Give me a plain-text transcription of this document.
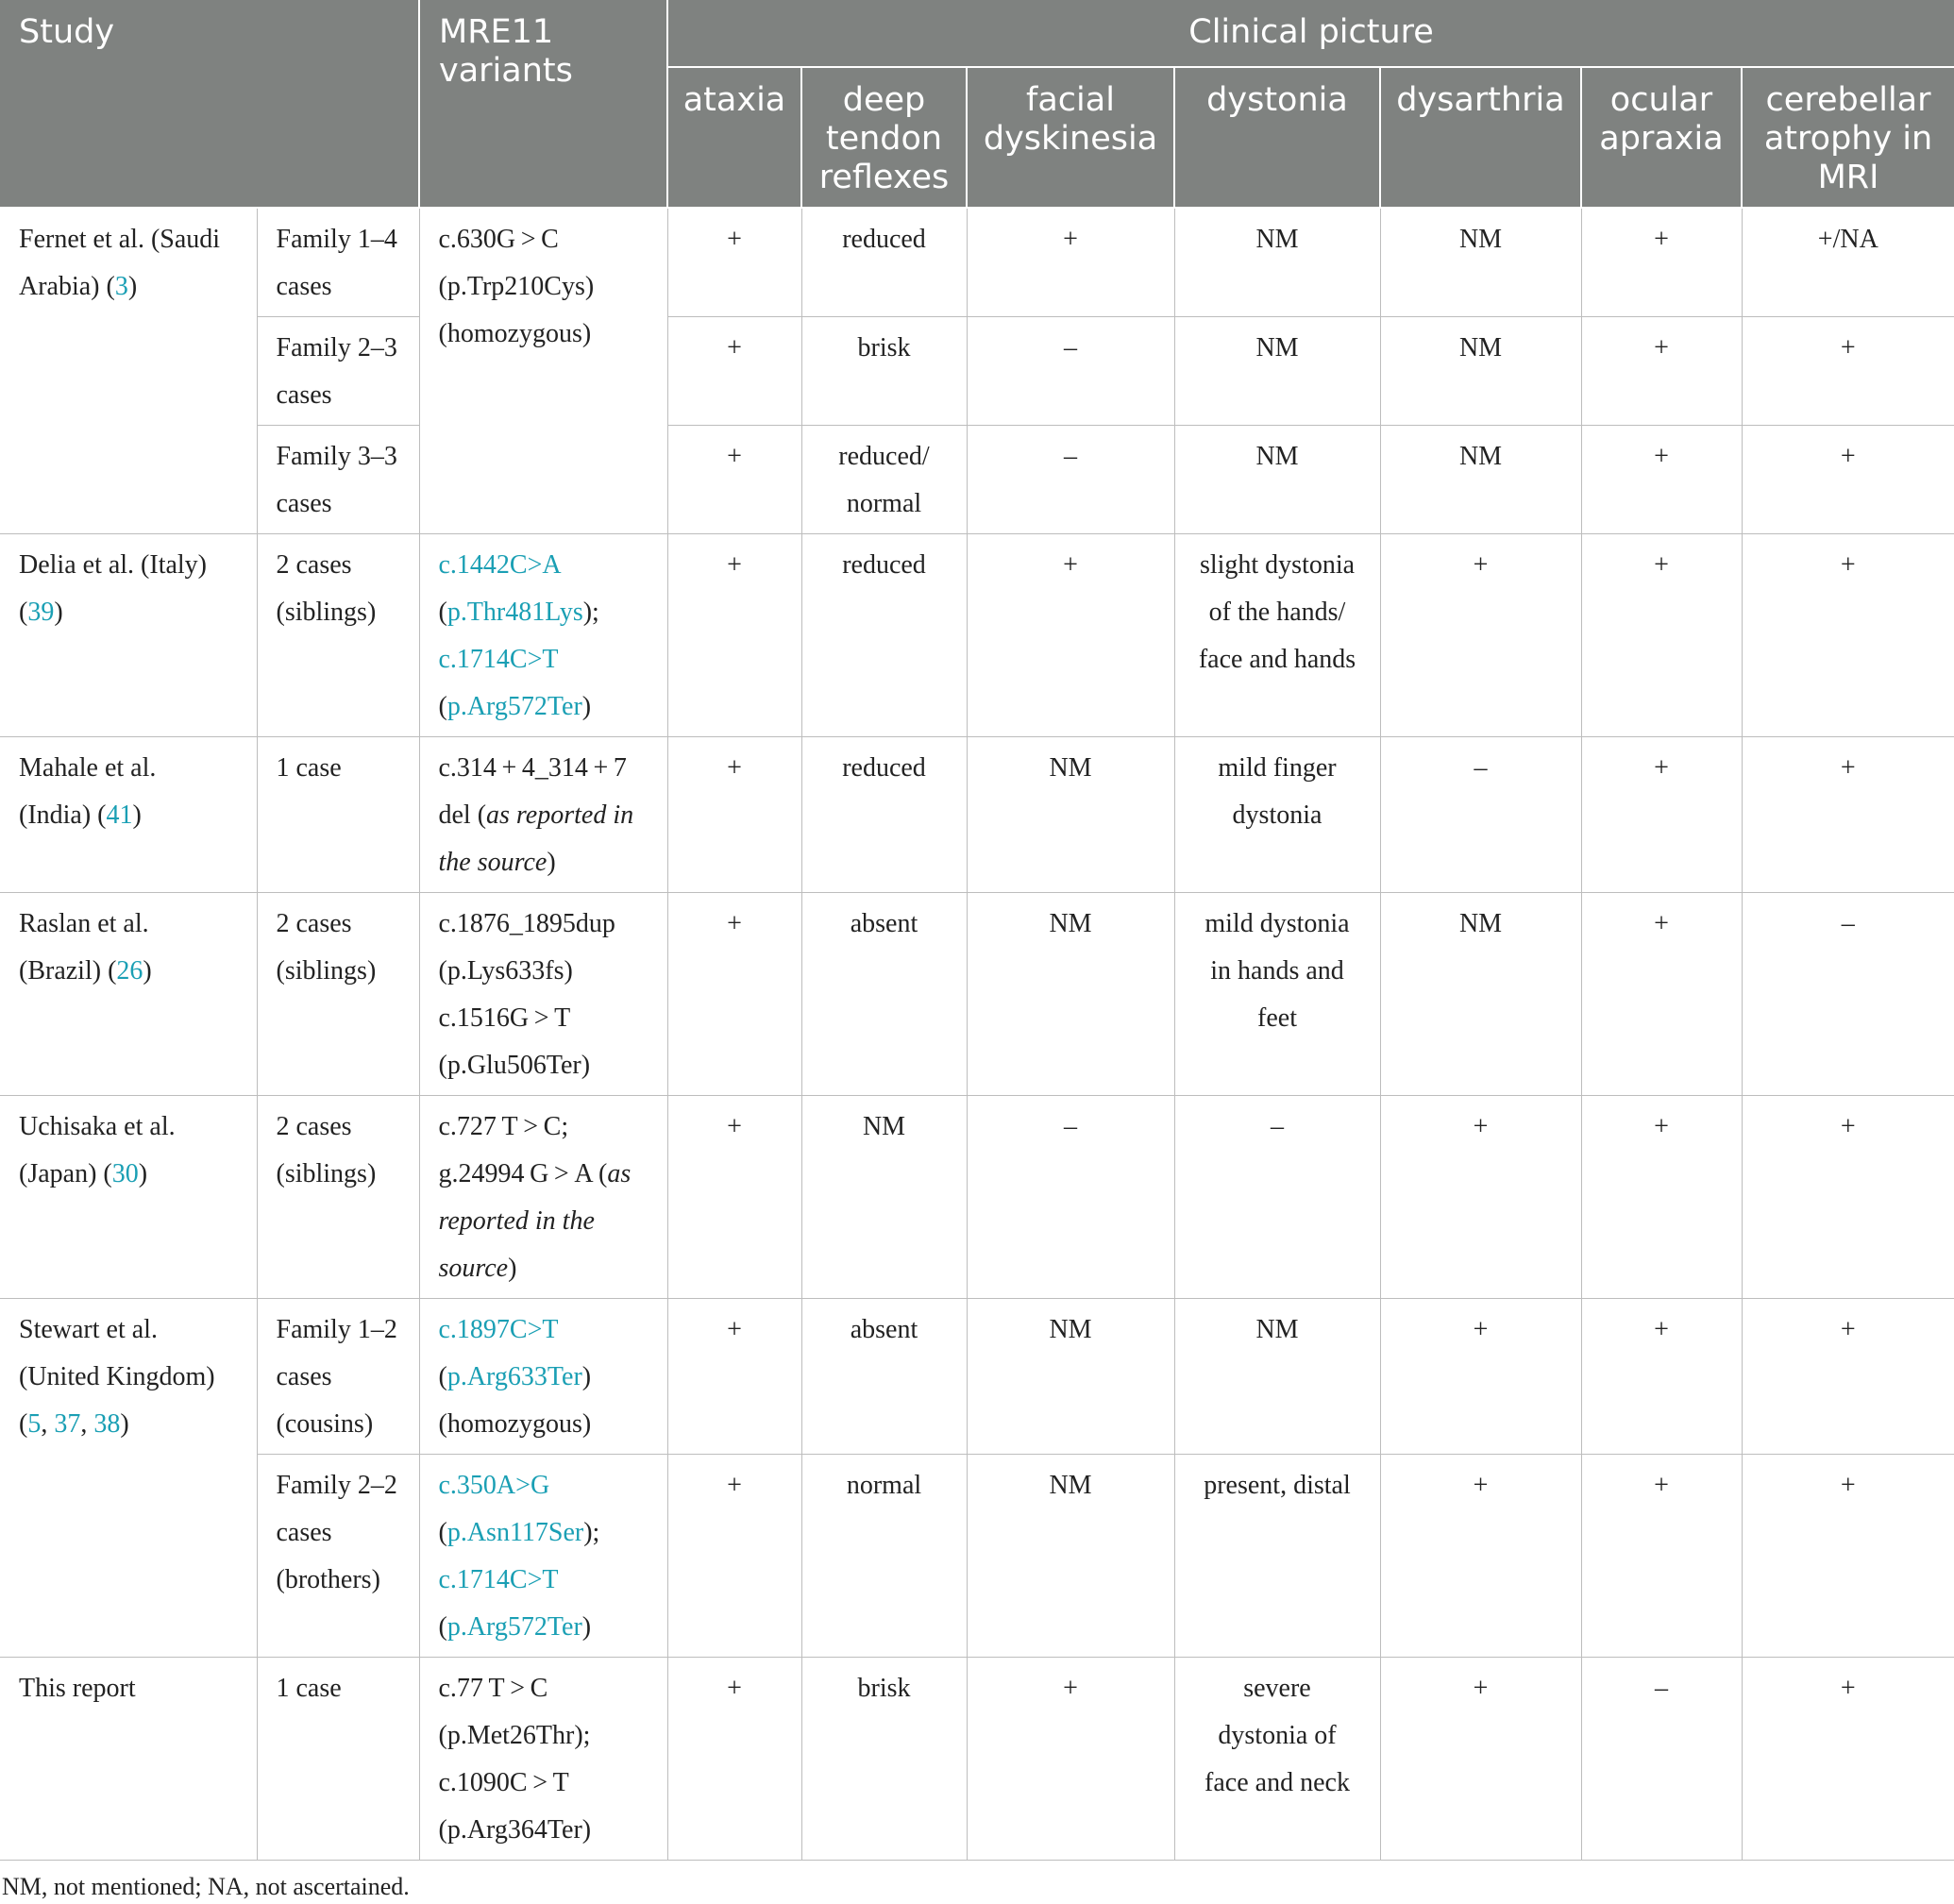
Study		MRE11
variants	Clinical picture						
			ataxia	deep
tendon
reflexes	facial
dyskinesia	dystonia	dysarthria	ocular
apraxia	cerebellar
atrophy in
MRI
Fernet et al. (Saudi Arabia) (3)	Family 1–4
cases	c.630G > C
(p.Trp210Cys)
(homozygous)	+	reduced	+	NM	NM	+	+/NA
	Family 2–3
cases		+	brisk	–	NM	NM	+	+
	Family 3–3
cases		+	reduced/
normal	–	NM	NM	+	+
Delia et al. (Italy)
(39)	2 cases
(siblings)	c.1442C>A
(p.Thr481Lys);
c.1714C>T
(p.Arg572Ter)	+	reduced	+	slight dystonia
of the hands/
face and hands	+	+	+
Mahale et al.
(India) (41)	1 case	c.314 + 4_314 + 7
del (as reported in
the source)	+	reduced	NM	mild finger
dystonia	–	+	+
Raslan et al.
(Brazil) (26)	2 cases
(siblings)	c.1876_1895dup
(p.Lys633fs)
c.1516G > T
(p.Glu506Ter)	+	absent	NM	mild dystonia
in hands and
feet	NM	+	–
Uchisaka et al.
(Japan) (30)	2 cases
(siblings)	c.727 T > C;
g.24994 G > A (as
reported in the
source)	+	NM	–	–	+	+	+
Stewart et al.
(United Kingdom)
(5, 37, 38)	Family 1–2
cases
(cousins)	c.1897C>T
(p.Arg633Ter)
(homozygous)	+	absent	NM	NM	+	+	+
	Family 2–2
cases
(brothers)	c.350A>G
(p.Asn117Ser);
c.1714C>T
(p.Arg572Ter)	+	normal	NM	present, distal	+	+	+
This report	1 case	c.77 T > C
(p.Met26Thr);
c.1090C > T
(p.Arg364Ter)	+	brisk	+	severe
dystonia of
face and neck	+	–	+
NM, not mentioned; NA, not ascertained.
